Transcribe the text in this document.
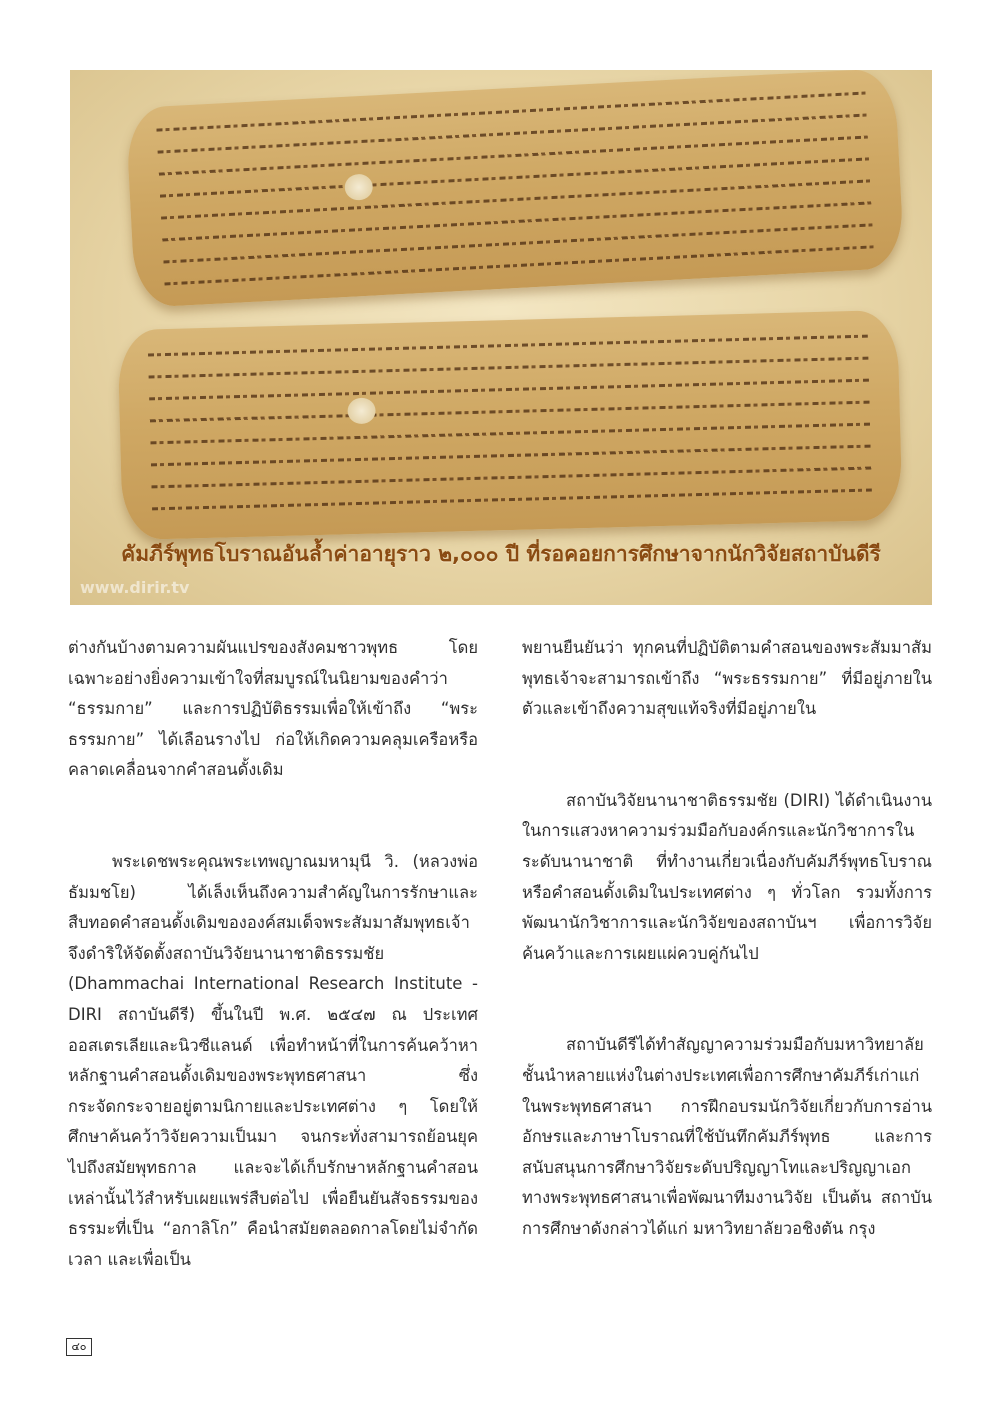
คัมภีร์พุทธโบราณอันล้ำค่าอายุราว ๒,๐๐๐ ปี ที่รอคอยการศึกษาจากนักวิจัยสถาบันดีรี
www.dirir.tv

ต่างกันบ้างตามความผันแปรของสังคมชาวพุทธ โดยเฉพาะอย่างยิ่งความเข้าใจที่สมบูรณ์ในนิยามของคำว่า “ธรรมกาย” และการปฏิบัติธรรมเพื่อให้เข้าถึง “พระธรรมกาย” ได้เลือนรางไป ก่อให้เกิดความคลุมเครือหรือคลาดเคลื่อนจากคำสอนดั้งเดิม

พระเดชพระคุณพระเทพญาณมหามุนี วิ. (หลวงพ่อธัมมชโย) ได้เล็งเห็นถึงความสำคัญในการรักษาและสืบทอดคำสอนดั้งเดิมขององค์สมเด็จพระสัมมาสัมพุทธเจ้า จึงดำริให้จัดตั้งสถาบันวิจัยนานาชาติธรรมชัย (Dhammachai International Research Institute - DIRI สถาบันดีรี) ขึ้นในปี พ.ศ. ๒๕๔๗ ณ ประเทศออสเตรเลียและนิวซีแลนด์ เพื่อทำหน้าที่ในการค้นคว้าหาหลักฐานคำสอนดั้งเดิมของพระพุทธศาสนา ซึ่งกระจัดกระจายอยู่ตามนิกายและประเทศต่าง ๆ โดยให้ศึกษาค้นคว้าวิจัยความเป็นมา จนกระทั่งสามารถย้อนยุคไปถึงสมัยพุทธกาล และจะได้เก็บรักษาหลักฐานคำสอนเหล่านั้นไว้สำหรับเผยแพร่สืบต่อไป เพื่อยืนยันสัจธรรมของธรรมะที่เป็น “อกาลิโก” คือนำสมัยตลอดกาลโดยไม่จำกัดเวลา และเพื่อเป็น

พยานยืนยันว่า ทุกคนที่ปฏิบัติตามคำสอนของพระสัมมาสัมพุทธเจ้าจะสามารถเข้าถึง “พระธรรมกาย” ที่มีอยู่ภายในตัวและเข้าถึงความสุขแท้จริงที่มีอยู่ภายใน

สถาบันวิจัยนานาชาติธรรมชัย (DIRI) ได้ดำเนินงานในการแสวงหาความร่วมมือกับองค์กรและนักวิชาการในระดับนานาชาติ ที่ทำงานเกี่ยวเนื่องกับคัมภีร์พุทธโบราณหรือคำสอนดั้งเดิมในประเทศต่าง ๆ ทั่วโลก รวมทั้งการพัฒนานักวิชาการและนักวิจัยของสถาบันฯ เพื่อการวิจัยค้นคว้าและการเผยแผ่ควบคู่กันไป

สถาบันดีรีได้ทำสัญญาความร่วมมือกับมหาวิทยาลัยชั้นนำหลายแห่งในต่างประเทศเพื่อการศึกษาคัมภีร์เก่าแก่ในพระพุทธศาสนา การฝึกอบรมนักวิจัยเกี่ยวกับการอ่านอักษรและภาษาโบราณที่ใช้บันทึกคัมภีร์พุทธ และการสนับสนุนการศึกษาวิจัยระดับปริญญาโทและปริญญาเอกทางพระพุทธศาสนาเพื่อพัฒนาทีมงานวิจัย เป็นต้น สถาบันการศึกษาดังกล่าวได้แก่ มหาวิทยาลัยวอชิงตัน กรุง

๔๐
